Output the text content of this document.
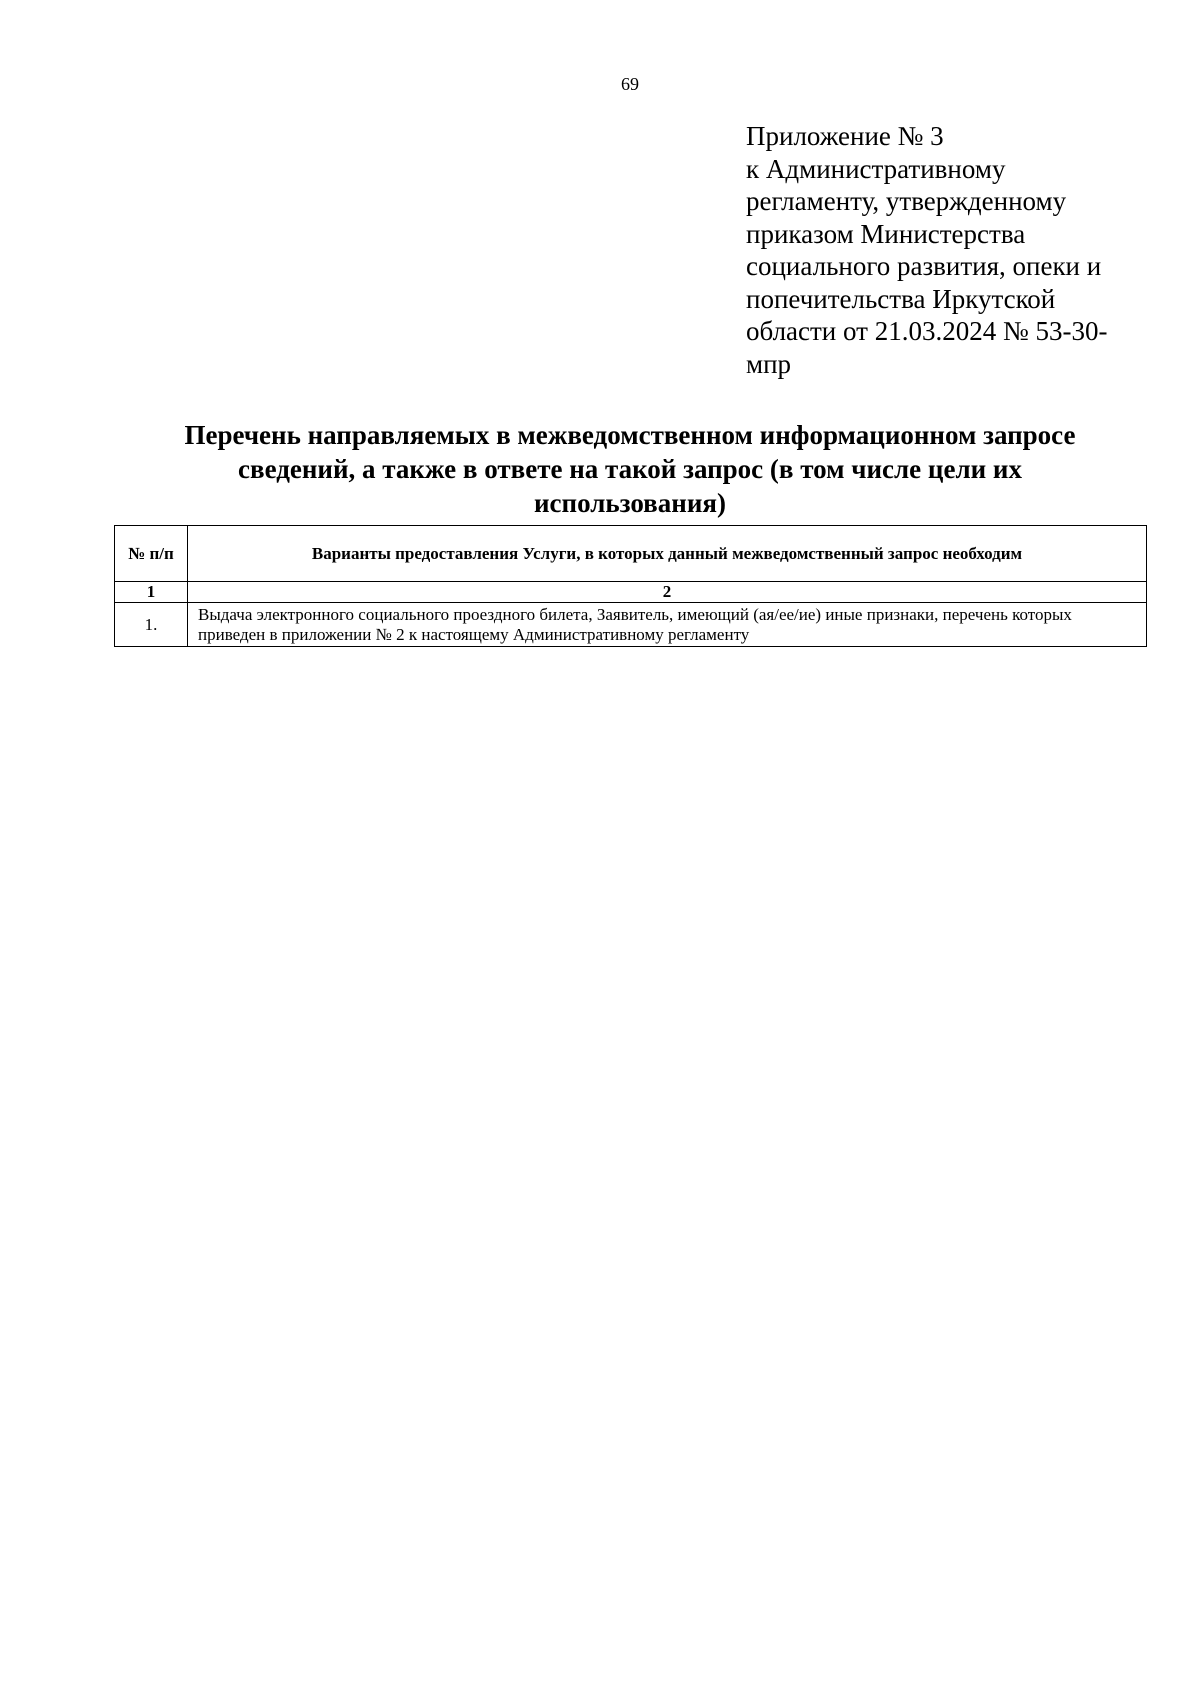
69
Приложение № 3
к Административному
регламенту, утвержденному
приказом Министерства
социального развития, опеки и
попечительства Иркутской
области от 21.03.2024 № 53-30-
мпр
Перечень направляемых в межведомственном информационном запросе
сведений, а также в ответе на такой запрос (в том числе цели их
использования)
№ п/п	Варианты предоставления Услуги, в которых данный межведомственный запрос необходим
1	2
1.	Выдача электронного социального проездного билета, Заявитель, имеющий (ая/ее/ие) иные признаки, перечень которых приведен в приложении № 2 к настоящему Административному регламенту
